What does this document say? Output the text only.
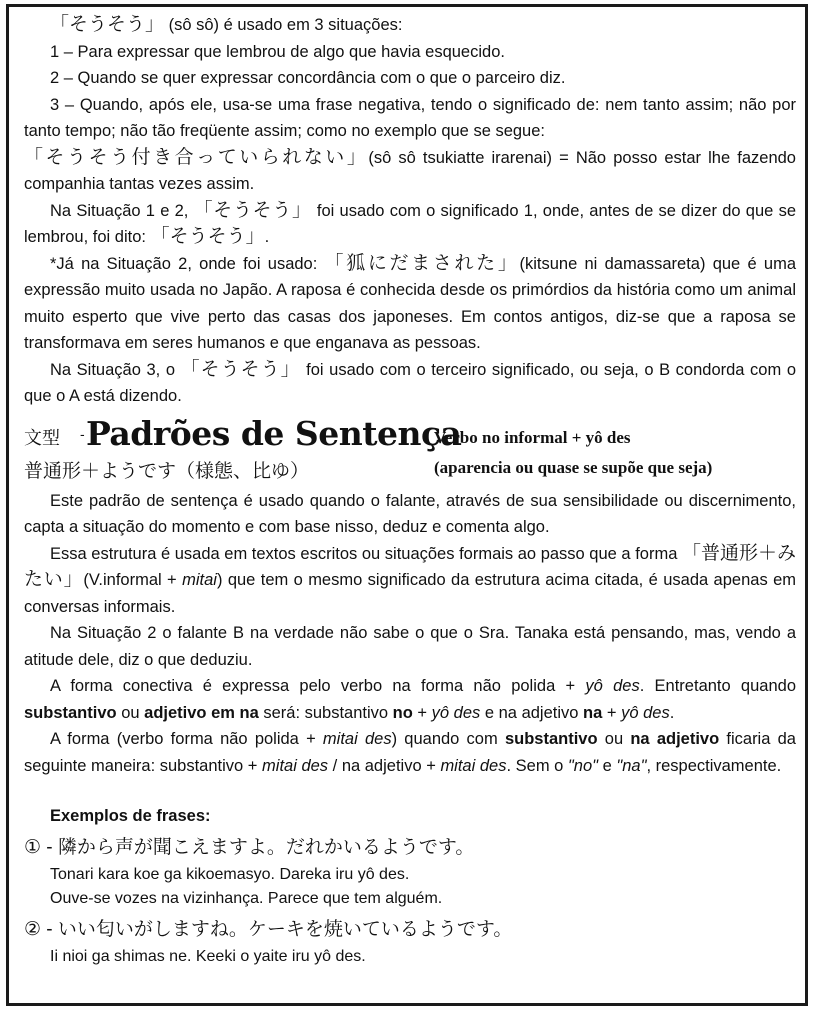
「そうそう」 (sô sô) é usado em 3 situações:

1 – Para expressar que lembrou de algo que havia esquecido.

2 – Quando se quer expressar concordância com o que o parceiro diz.

3 – Quando, após ele, usa-se uma frase negativa, tendo o significado de: nem tanto assim; não por tanto tempo; não tão freqüente assim; como no exemplo que se segue:

「そうそう付き合っていられない」(sô sô tsukiatte irarenai) = Não posso estar lhe fazendo companhia tantas vezes assim.

Na Situação 1 e 2, 「そうそう」 foi usado com o significado 1, onde, antes de se dizer do que se lembrou, foi dito: 「そうそう」.

*Já na Situação 2, onde foi usado: 「狐にだまされた」(kitsune ni damassareta) que é uma expressão muito usada no Japão. A raposa é conhecida desde os primórdios da história como um animal muito esperto que vive perto das casas dos japoneses. Em contos antigos, diz-se que a raposa se transformava em seres humanos e que enganava as pessoas.

Na Situação 3, o 「そうそう」 foi usado com o terceiro significado, ou seja, o B condorda com o que o A está dizendo.

文型 - Padrões de Sentença
Verbo no informal + yô des
普通形＋ようです（様態、比ゆ）	(aparencia ou quase se supõe que seja)

Este padrão de sentença é usado quando o falante, através de sua sensibilidade ou discernimento, capta a situação do momento e com base nisso, deduz e comenta algo.

Essa estrutura é usada em textos escritos ou situações formais ao passo que a forma 「普通形＋みたい」(V.informal + mitai) que tem o mesmo significado da estrutura acima citada, é usada apenas em conversas informais.

Na Situação 2 o falante B na verdade não sabe o que o Sra. Tanaka está pensando, mas, vendo a atitude dele, diz o que deduziu.

A forma conectiva é expressa pelo verbo na forma não polida + yô des. Entretanto quando substantivo ou adjetivo em na será: substantivo no + yô des e na adjetivo na + yô des.

A forma (verbo forma não polida + mitai des) quando com substantivo ou na adjetivo ficaria da seguinte maneira: substantivo + mitai des / na adjetivo + mitai des. Sem o "no" e "na", respectivamente.

Exemplos de frases:
① - 隣から声が聞こえますよ。だれかいるようです。
Tonari kara koe ga kikoemasyo. Dareka iru yô des.
Ouve-se vozes na vizinhança. Parece que tem alguém.
② - いい匂いがしますね。ケーキを焼いているようです。
Ii nioi ga shimas ne. Keeki o yaite iru yô des.
